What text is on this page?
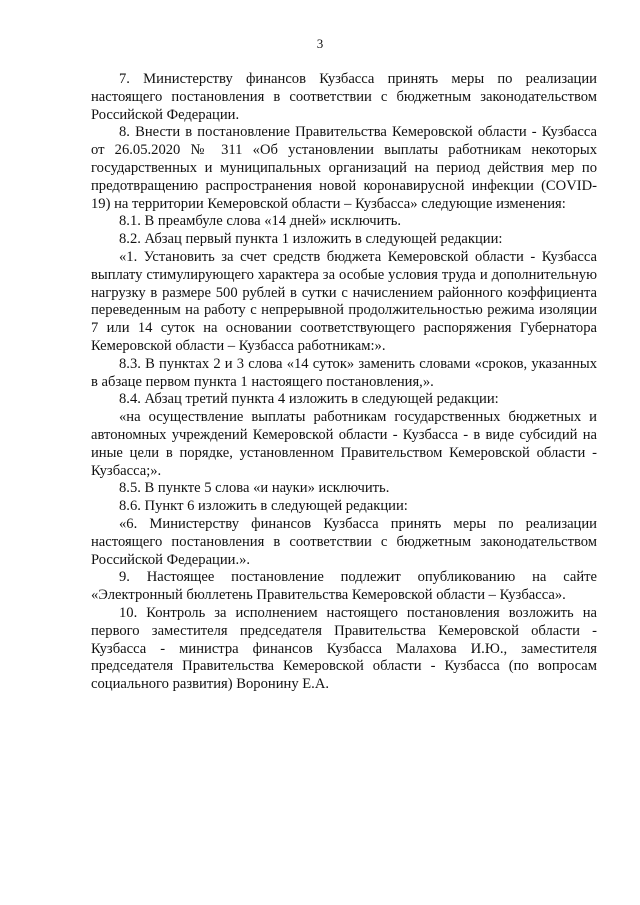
3

7. Министерству финансов Кузбасса принять меры по реализации настоящего постановления в соответствии с бюджетным законодательством Российской Федерации.

8. Внести в постановление Правительства Кемеровской области - Кузбасса от 26.05.2020 № 311 «Об установлении выплаты работникам некоторых государственных и муниципальных организаций на период действия мер по предотвращению распространения новой коронавирусной инфекции (COVID-19) на территории Кемеровской области – Кузбасса» следующие изменения:

8.1. В преамбуле слова «14 дней» исключить.

8.2. Абзац первый пункта 1 изложить в следующей редакции:

«1. Установить за счет средств бюджета Кемеровской области - Кузбасса выплату стимулирующего характера за особые условия труда и дополнительную нагрузку в размере 500 рублей в сутки с начислением районного коэффициента переведенным на работу с непрерывной продолжительностью режима изоляции 7 или 14 суток на основании соответствующего распоряжения Губернатора Кемеровской области – Кузбасса работникам:».

8.3. В пунктах 2 и 3 слова «14 суток» заменить словами «сроков, указанных в абзаце первом пункта 1 настоящего постановления,».

8.4. Абзац третий пункта 4 изложить в следующей редакции:

«на осуществление выплаты работникам государственных бюджетных и автономных учреждений Кемеровской области - Кузбасса - в виде субсидий на иные цели в порядке, установленном Правительством Кемеровской области - Кузбасса;».

8.5. В пункте 5 слова «и науки» исключить.

8.6. Пункт 6 изложить в следующей редакции:

«6. Министерству финансов Кузбасса принять меры по реализации настоящего постановления в соответствии с бюджетным законодательством Российской Федерации.».

9. Настоящее постановление подлежит опубликованию на сайте «Электронный бюллетень Правительства Кемеровской области – Кузбасса».

10. Контроль за исполнением настоящего постановления возложить на первого заместителя председателя Правительства Кемеровской области - Кузбасса - министра финансов Кузбасса Малахова И.Ю., заместителя председателя Правительства Кемеровской области - Кузбасса (по вопросам социального развития) Воронину Е.А.
